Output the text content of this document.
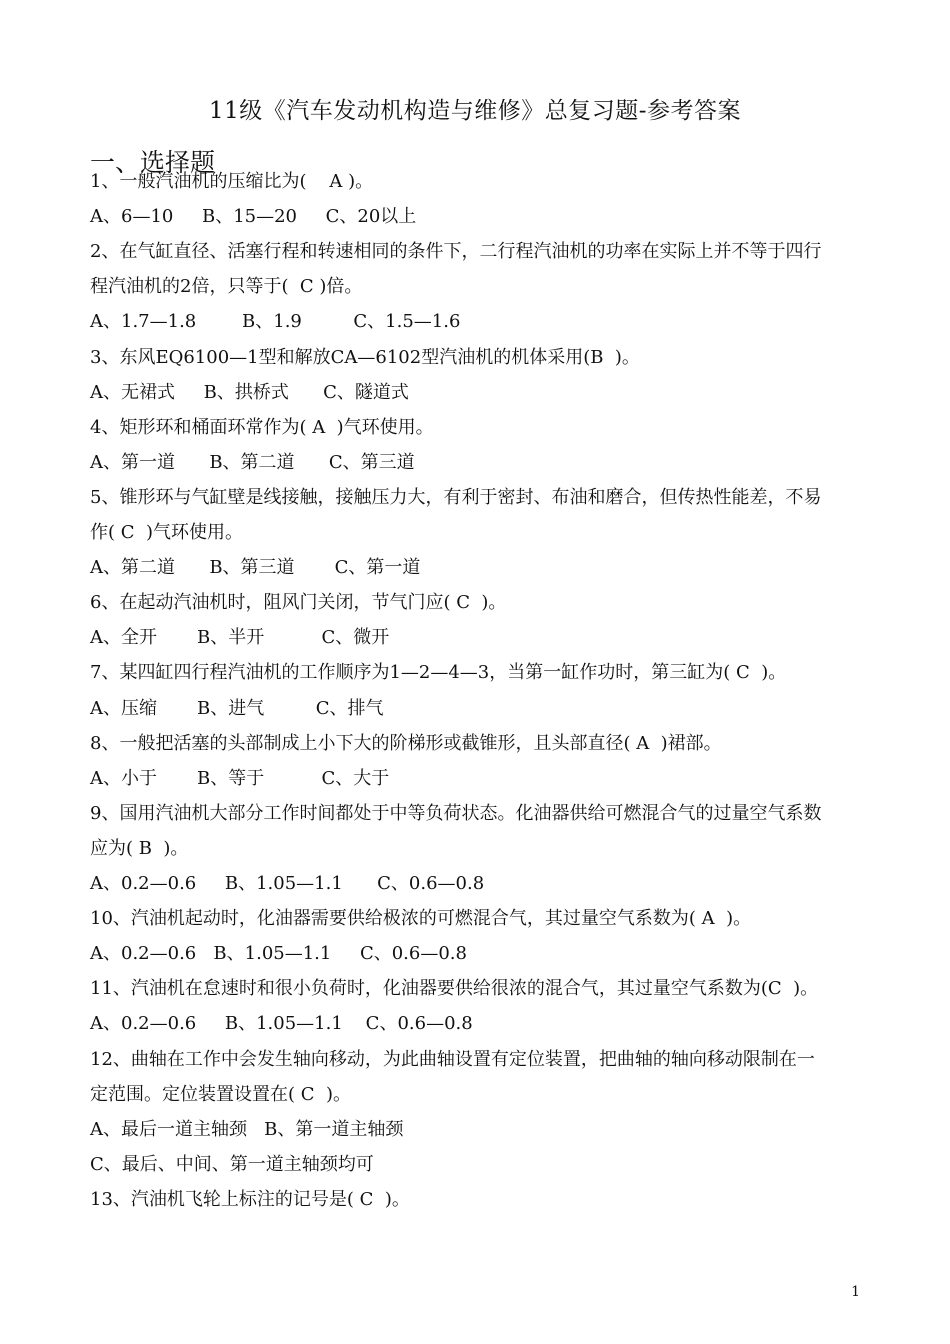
11级《汽车发动机构造与维修》总复习题-参考答案
一、选择题
1、一般汽油机的压缩比为(    A )。
A、6—10     B、15—20     C、20以上
2、在气缸直径、活塞行程和转速相同的条件下，二行程汽油机的功率在实际上并不等于四行
程汽油机的2倍，只等于(  C )倍。
A、1.7—1.8        B、1.9         C、1.5—1.6
3、东风EQ6100—1型和解放CA—6102型汽油机的机体采用(B  )。
A、无裙式     B、拱桥式      C、隧道式
4、矩形环和桶面环常作为( A  )气环使用。
A、第一道      B、第二道      C、第三道
5、锥形环与气缸壁是线接触，接触压力大，有利于密封、布油和磨合，但传热性能差，不易
作( C  )气环使用。
A、第二道      B、第三道       C、第一道
6、在起动汽油机时，阻风门关闭，节气门应( C  )。
A、全开       B、半开          C、微开
7、某四缸四行程汽油机的工作顺序为1—2—4—3，当第一缸作功时，第三缸为( C  )。
A、压缩       B、进气         C、排气
8、一般把活塞的头部制成上小下大的阶梯形或截锥形，且头部直径( A  )裙部。
A、小于       B、等于          C、大于
9、国用汽油机大部分工作时间都处于中等负荷状态。化油器供给可燃混合气的过量空气系数
应为( B  )。
A、0.2—0.6     B、1.05—1.1      C、0.6—0.8
10、汽油机起动时，化油器需要供给极浓的可燃混合气，其过量空气系数为( A  )。
A、0.2—0.6   B、1.05—1.1     C、0.6—0.8
11、汽油机在怠速时和很小负荷时，化油器要供给很浓的混合气，其过量空气系数为(C  )。
A、0.2—0.6     B、1.05—1.1    C、0.6—0.8
12、曲轴在工作中会发生轴向移动，为此曲轴设置有定位装置，把曲轴的轴向移动限制在一
定范围。定位装置设置在( C  )。
A、最后一道主轴颈   B、第一道主轴颈
C、最后、中间、第一道主轴颈均可
13、汽油机飞轮上标注的记号是( C  )。
1
